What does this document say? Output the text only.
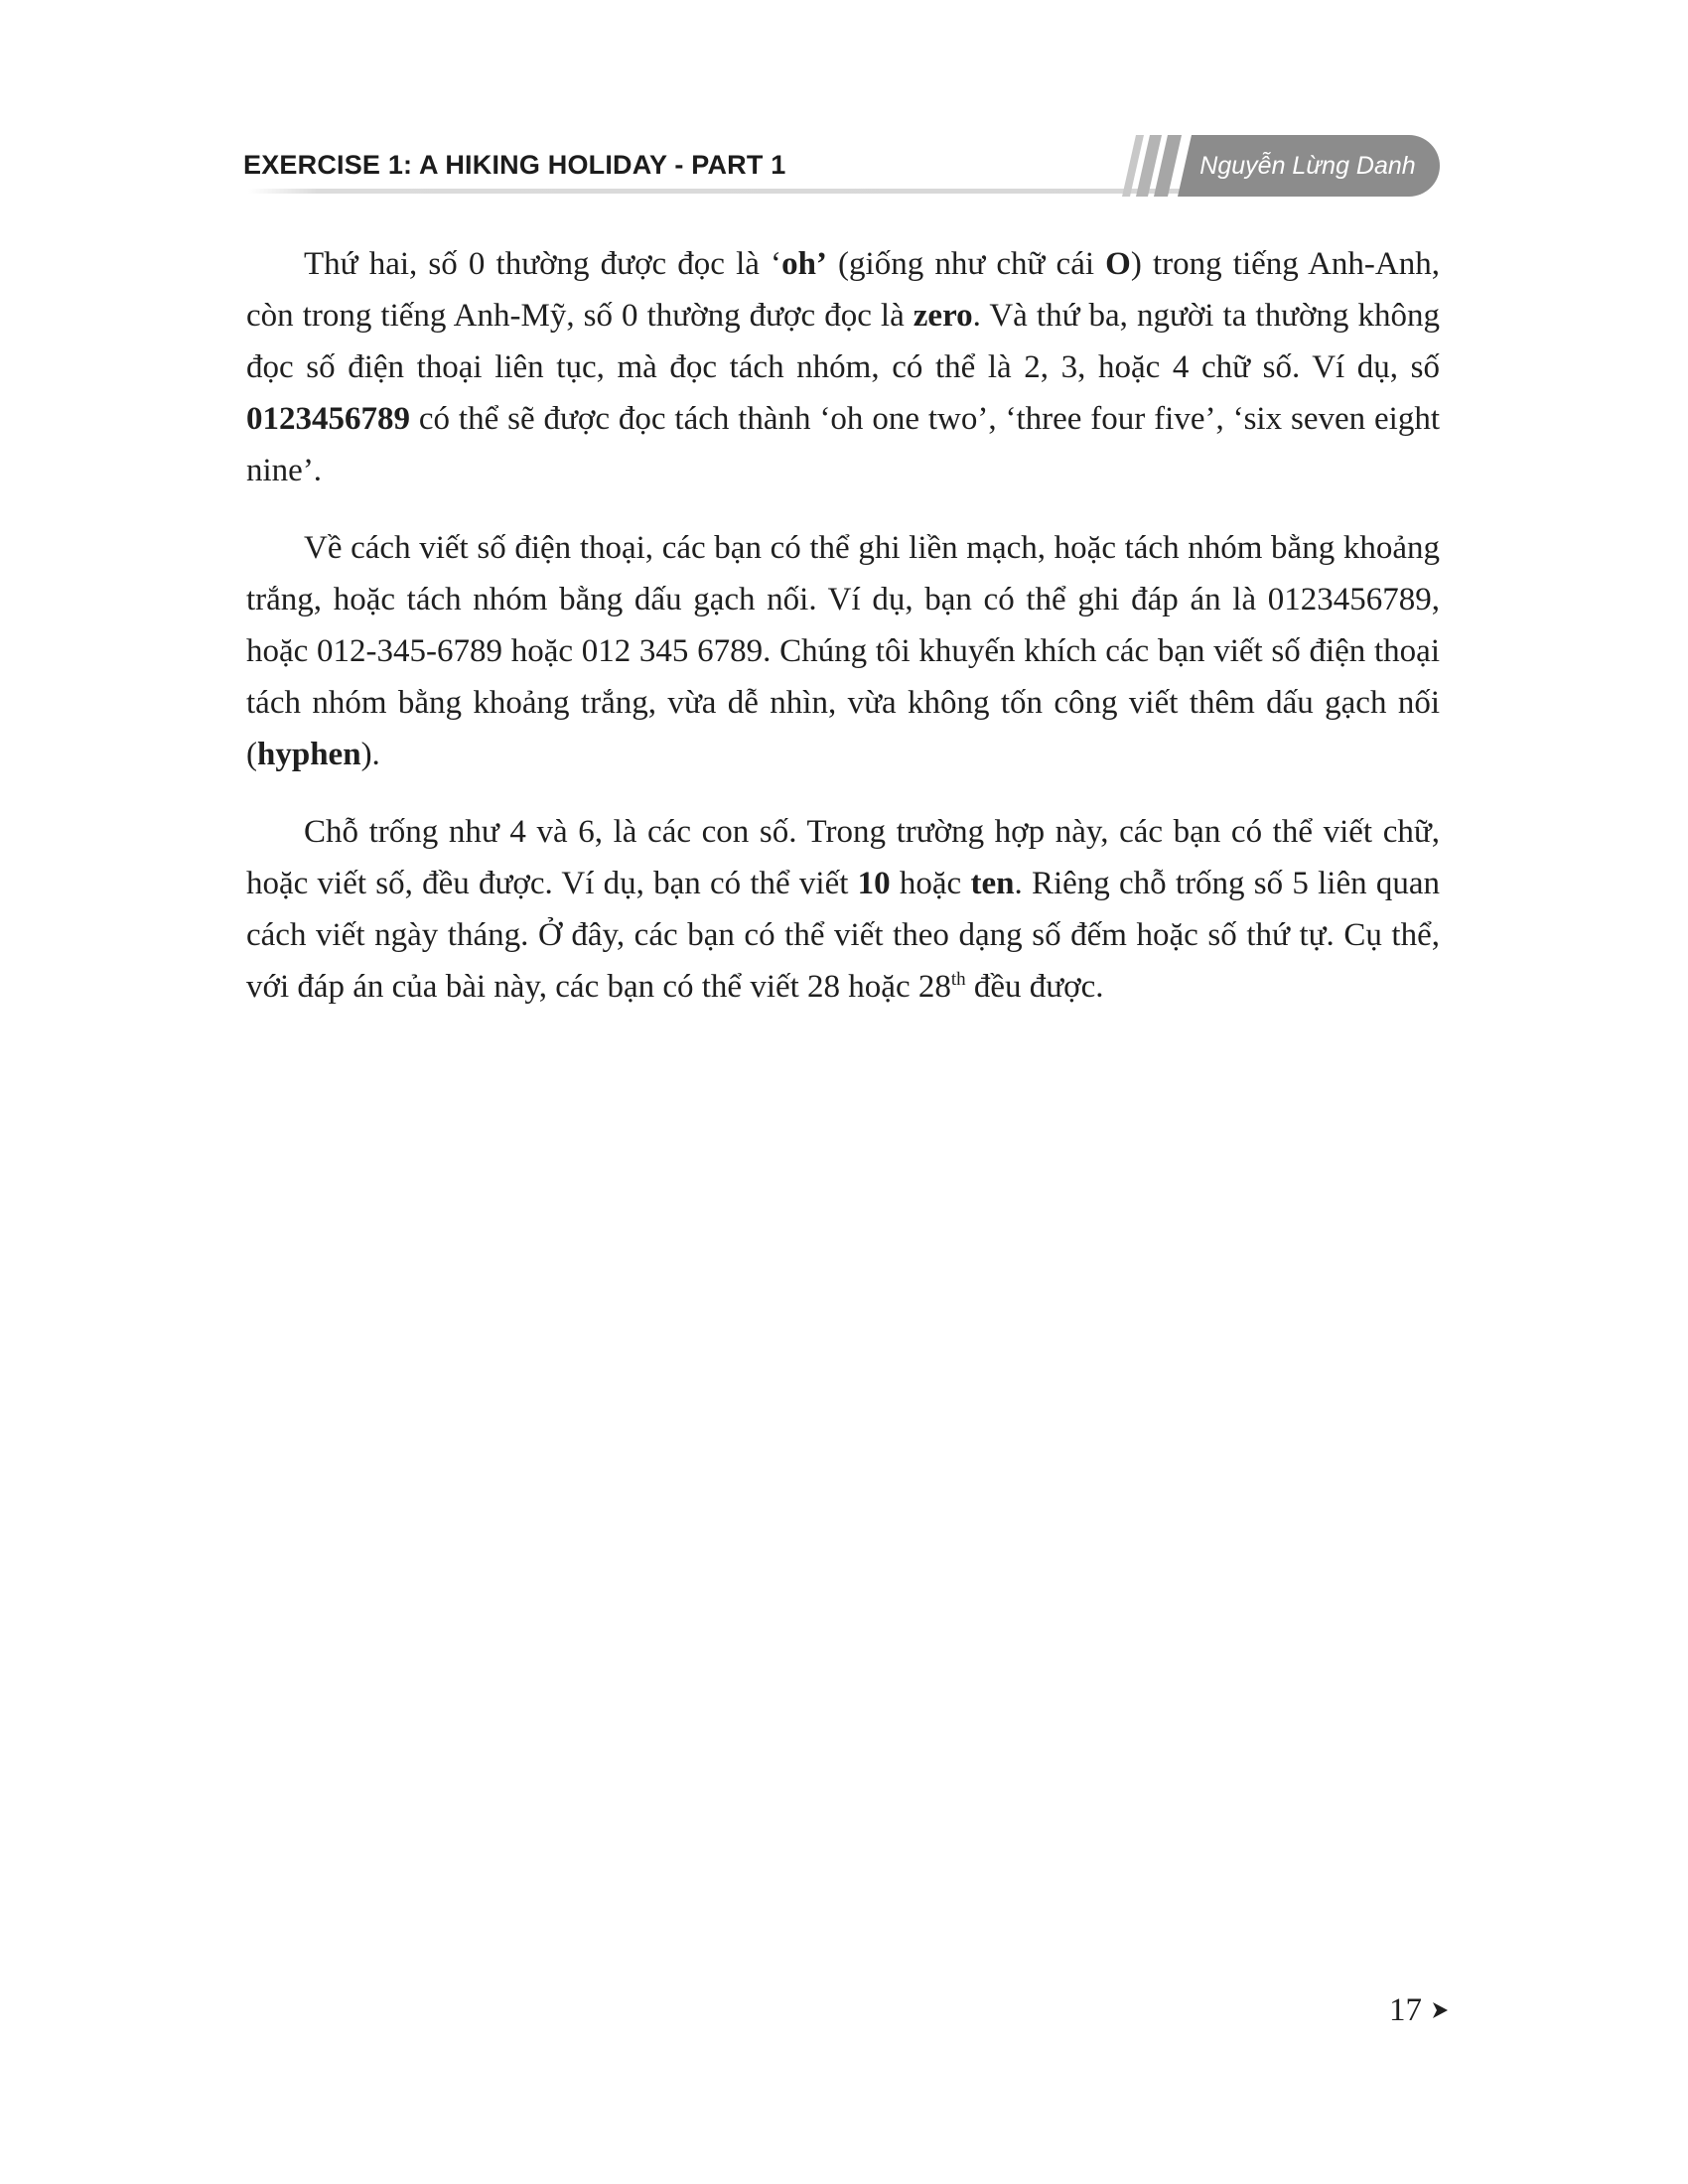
EXERCISE 1: A HIKING HOLIDAY - PART 1	Nguyễn Lừng Danh

Thứ hai, số 0 thường được đọc là ‘oh’ (giống như chữ cái O) trong tiếng Anh-Anh, còn trong tiếng Anh-Mỹ, số 0 thường được đọc là zero. Và thứ ba, người ta thường không đọc số điện thoại liên tục, mà đọc tách nhóm, có thể là 2, 3, hoặc 4 chữ số. Ví dụ, số 0123456789 có thể sẽ được đọc tách thành ‘oh one two’, ‘three four five’, ‘six seven eight nine’.

Về cách viết số điện thoại, các bạn có thể ghi liền mạch, hoặc tách nhóm bằng khoảng trắng, hoặc tách nhóm bằng dấu gạch nối. Ví dụ, bạn có thể ghi đáp án là 0123456789, hoặc 012-345-6789 hoặc 012 345 6789. Chúng tôi khuyến khích các bạn viết số điện thoại tách nhóm bằng khoảng trắng, vừa dễ nhìn, vừa không tốn công viết thêm dấu gạch nối (hyphen).

Chỗ trống như 4 và 6, là các con số. Trong trường hợp này, các bạn có thể viết chữ, hoặc viết số, đều được. Ví dụ, bạn có thể viết 10 hoặc ten. Riêng chỗ trống số 5 liên quan cách viết ngày tháng. Ở đây, các bạn có thể viết theo dạng số đếm hoặc số thứ tự. Cụ thể, với đáp án của bài này, các bạn có thể viết 28 hoặc 28th đều được.

17
